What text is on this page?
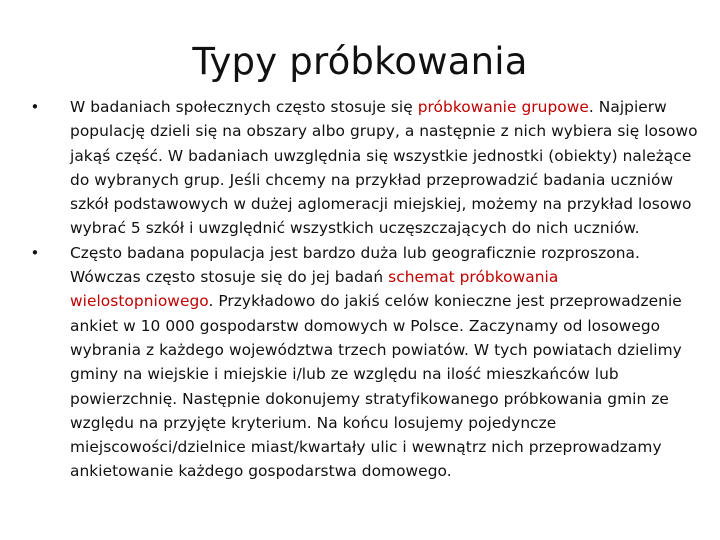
Typy próbkowania
• W badaniach społecznych często stosuje się próbkowanie grupowe. Najpierw populację dzieli się na obszary albo grupy, a następnie z nich wybiera się losowo jakąś część. W badaniach uwzględnia się wszystkie jednostki (obiekty) należące do wybranych grup. Jeśli chcemy na przykład przeprowadzić badania uczniów szkół podstawowych w dużej aglomeracji miejskiej, możemy na przykład losowo wybrać 5 szkół i uwzględnić wszystkich uczęszczających do nich uczniów.
• Często badana populacja jest bardzo duża lub geograficznie rozproszona. Wówczas często stosuje się do jej badań schemat próbkowania wielostopniowego. Przykładowo do jakiś celów konieczne jest przeprowadzenie ankiet w 10 000 gospodarstw domowych w Polsce. Zaczynamy od losowego wybrania z każdego województwa trzech powiatów. W tych powiatach dzielimy gminy na wiejskie i miejskie i/lub ze względu na ilość mieszkańców lub powierzchnię. Następnie dokonujemy stratyfikowanego próbkowania gmin ze względu na przyjęte kryterium. Na końcu losujemy pojedyncze miejscowości/dzielnice miast/kwartały ulic i wewnątrz nich przeprowadzamy ankietowanie każdego gospodarstwa domowego.
